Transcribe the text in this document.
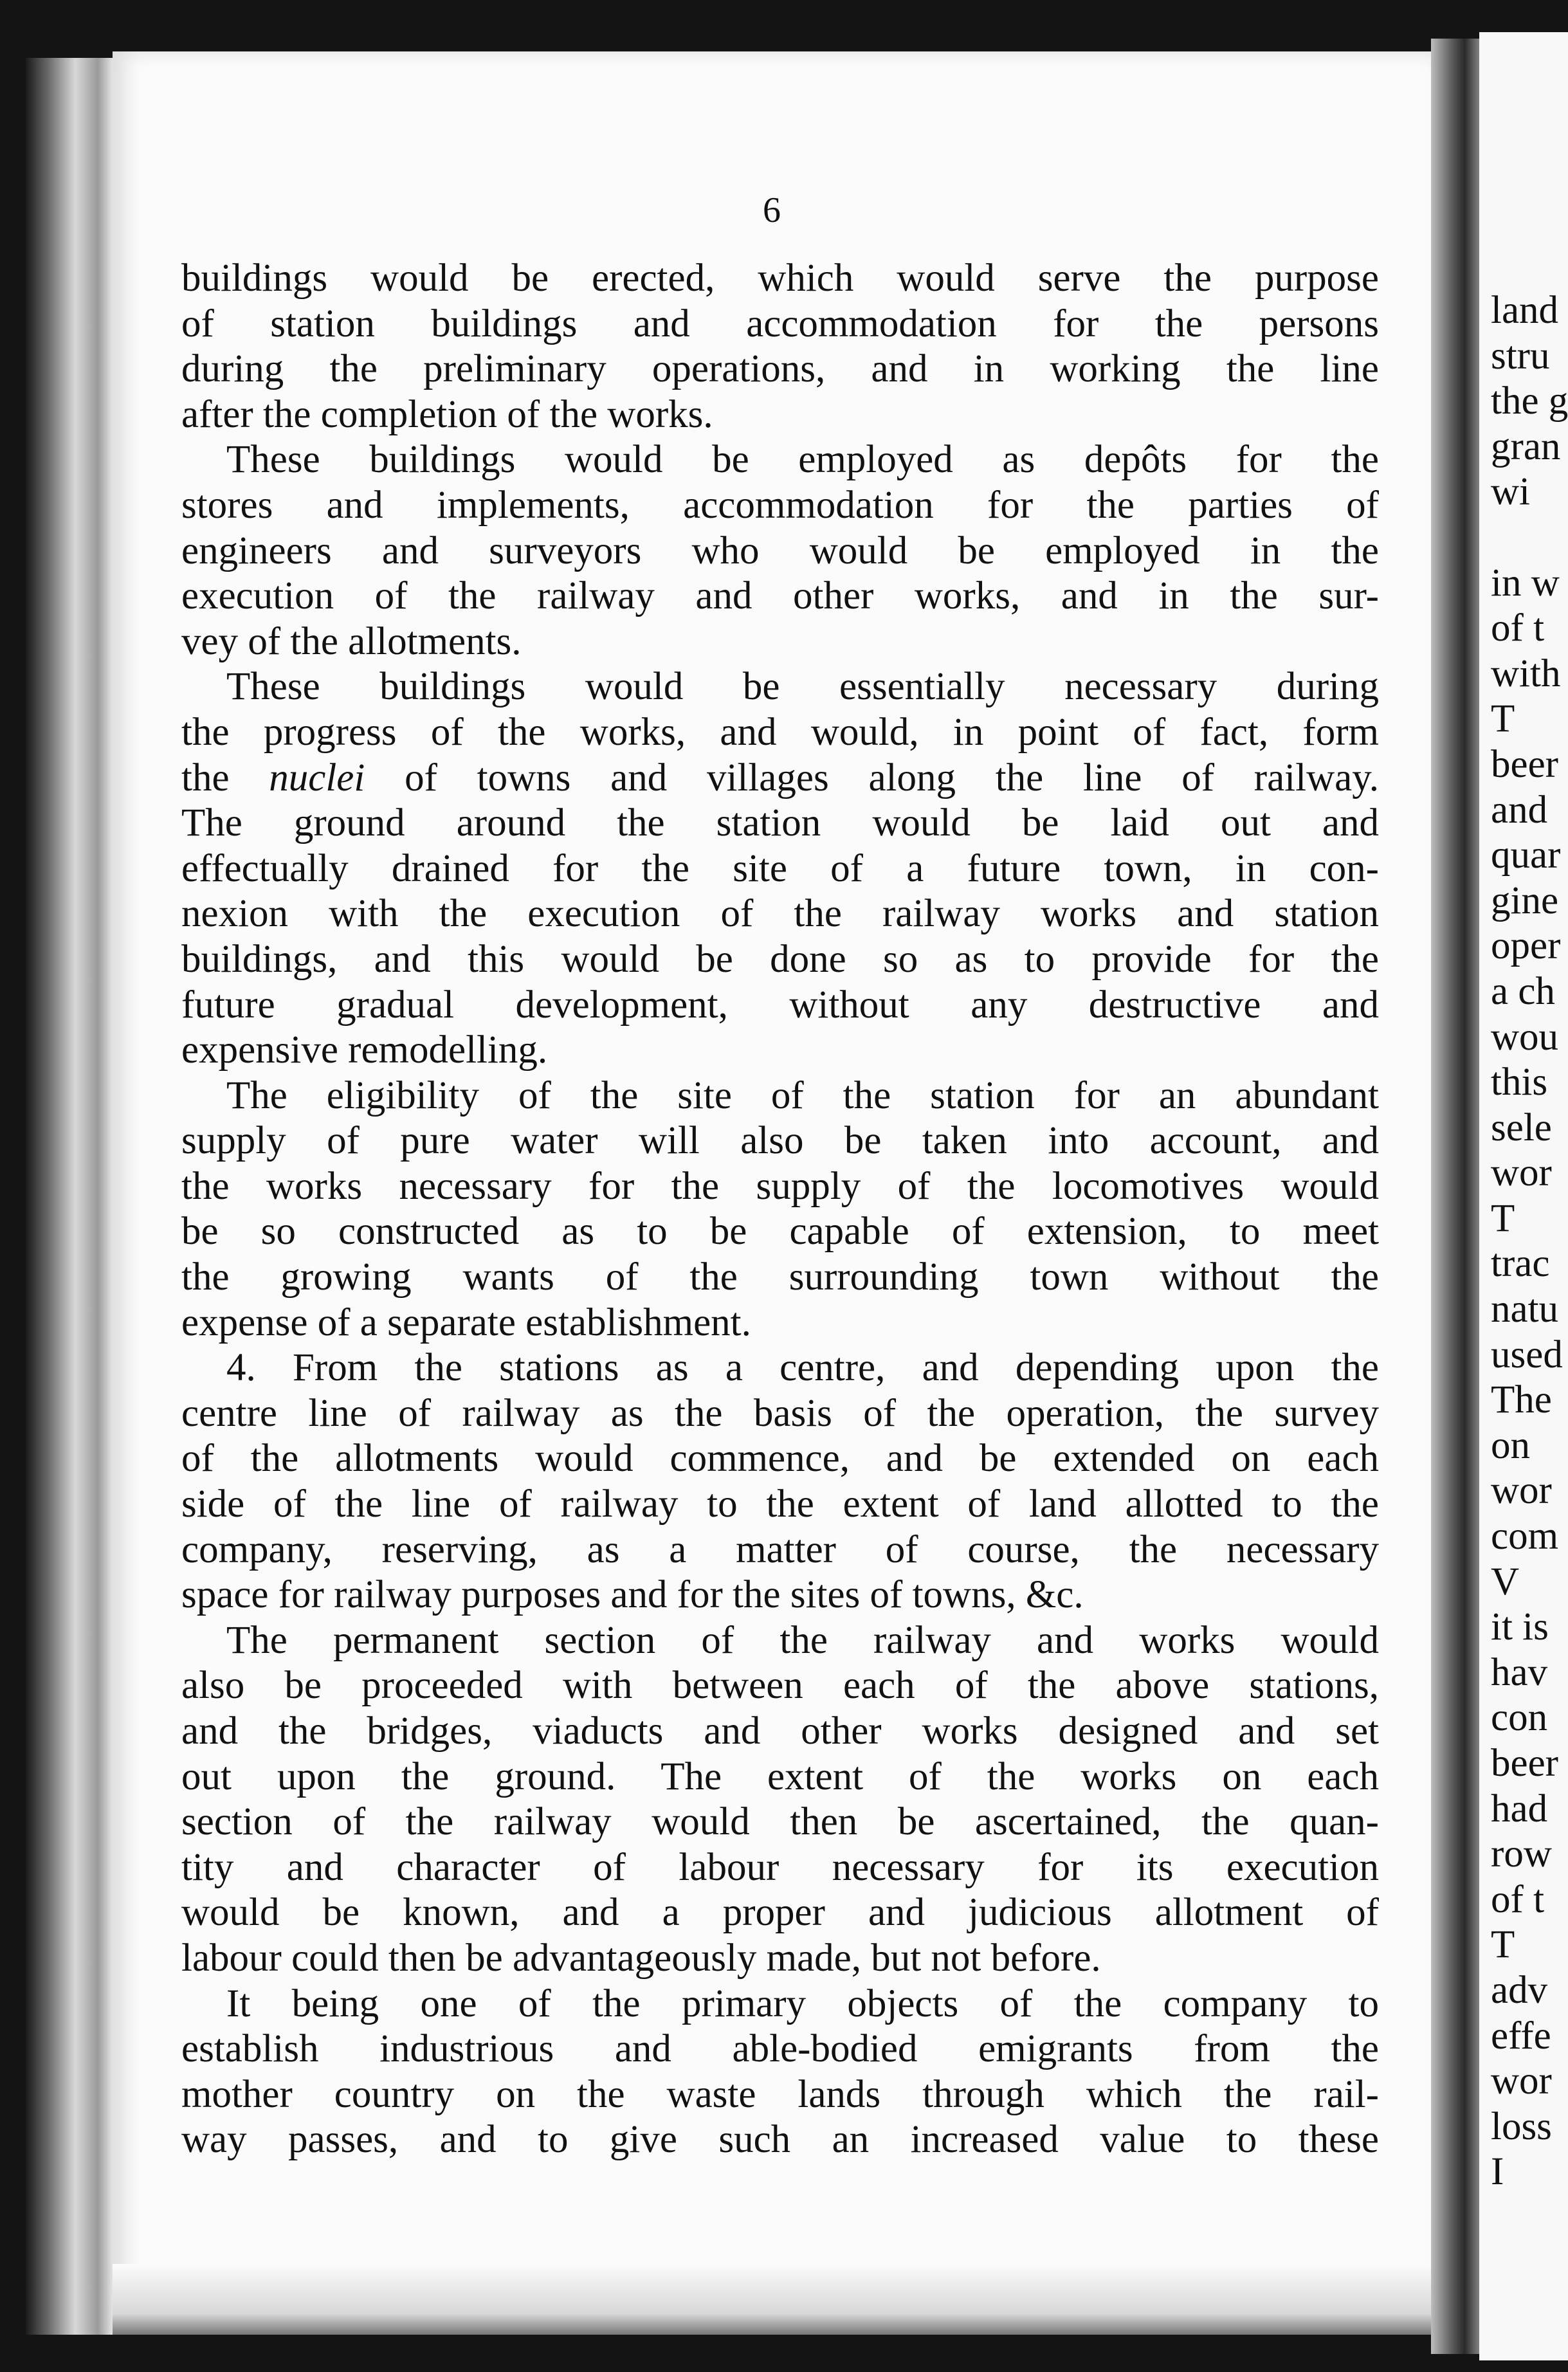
6
buildings would be erected, which would serve the purpose
of station buildings and accommodation for the persons
during the preliminary operations, and in working the line
after the completion of the works.
These buildings would be employed as depôts for the
stores and implements, accommodation for the parties of
engineers and surveyors who would be employed in the
execution of the railway and other works, and in the sur-
vey of the allotments.
These buildings would be essentially necessary during
the progress of the works, and would, in point of fact, form
the nuclei of towns and villages along the line of railway.
The ground around the station would be laid out and
effectually drained for the site of a future town, in con-
nexion with the execution of the railway works and station
buildings, and this would be done so as to provide for the
future gradual development, without any destructive and
expensive remodelling.
The eligibility of the site of the station for an abundant
supply of pure water will also be taken into account, and
the works necessary for the supply of the locomotives would
be so constructed as to be capable of extension, to meet
the growing wants of the surrounding town without the
expense of a separate establishment.
4. From the stations as a centre, and depending upon the
centre line of railway as the basis of the operation, the survey
of the allotments would commence, and be extended on each
side of the line of railway to the extent of land allotted to the
company, reserving, as a matter of course, the necessary
space for railway purposes and for the sites of towns, &c.
The permanent section of the railway and works would
also be proceeded with between each of the above stations,
and the bridges, viaducts and other works designed and set
out upon the ground. The extent of the works on each
section of the railway would then be ascertained, the quan-
tity and character of labour necessary for its execution
would be known, and a proper and judicious allotment of
labour could then be advantageously made, but not before.
It being one of the primary objects of the company to
establish industrious and able-bodied emigrants from the
mother country on the waste lands through which the rail-
way passes, and to give such an increased value to these
land
stru
the g
gran
wi
in w
of t
with
T
beer
and
quar
gine
oper
a ch
wou
this
sele
wor
T
trac
natu
used
The
on
wor
com
V
it is
hav
con
beer
had
row
of t
T
adv
effe
wor
loss
I
